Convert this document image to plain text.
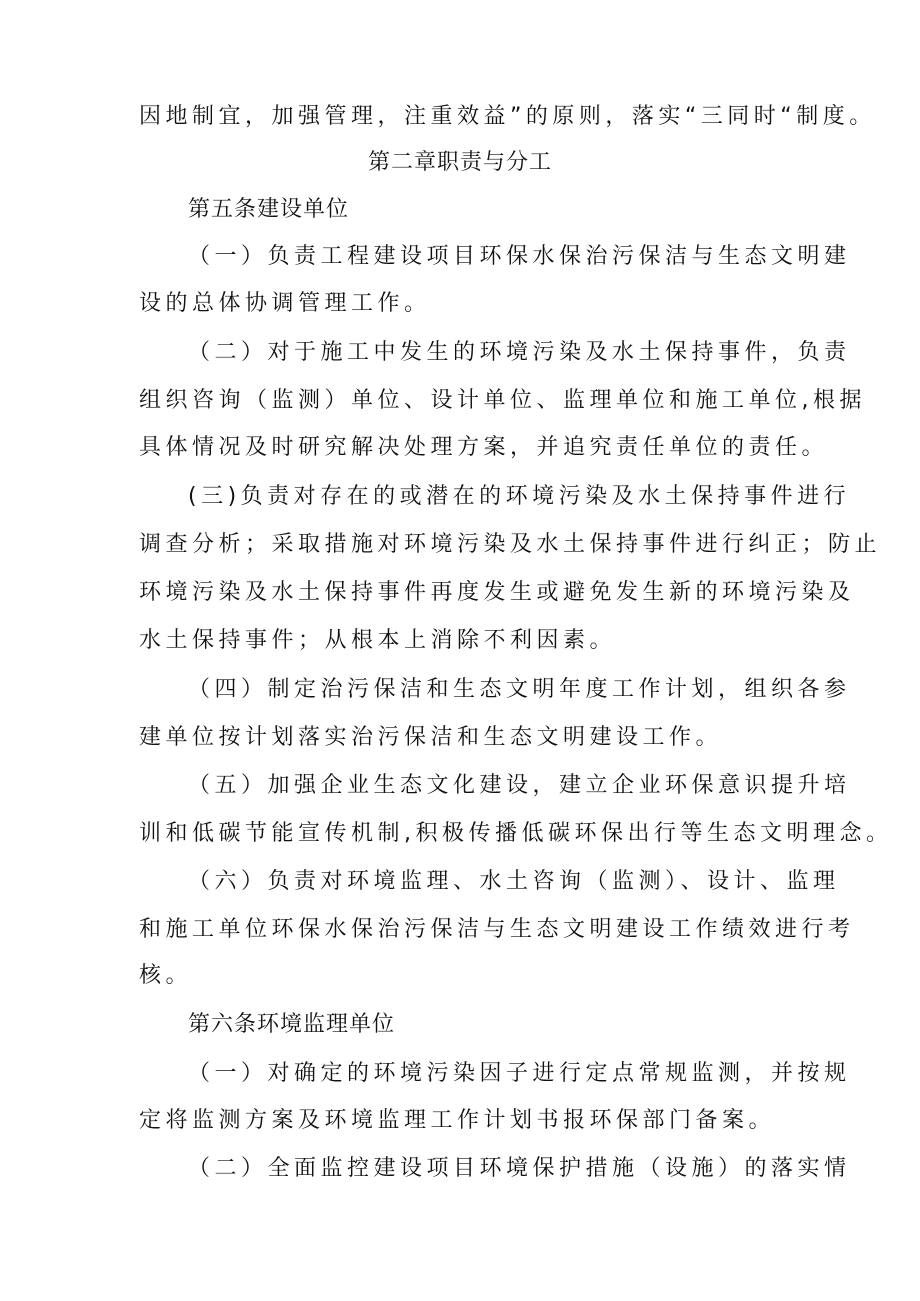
因地制宜，加强管理，注重效益”的原则，落实“三同时“制度。
第二章职责与分工
第五条建设单位
（一）负责工程建设项目环保水保治污保洁与生态文明建
设的总体协调管理工作。
（二）对于施工中发生的环境污染及水土保持事件，负责
组织咨询（监测）单位、设计单位、监理单位和施工单位,根据
具体情况及时研究解决处理方案，并追究责任单位的责任。
(三)负责对存在的或潜在的环境污染及水土保持事件进行
调查分析；采取措施对环境污染及水土保持事件进行纠正；防止
环境污染及水土保持事件再度发生或避免发生新的环境污染及
水土保持事件；从根本上消除不利因素。
（四）制定治污保洁和生态文明年度工作计划，组织各参
建单位按计划落实治污保洁和生态文明建设工作。
（五）加强企业生态文化建设，建立企业环保意识提升培
训和低碳节能宣传机制,积极传播低碳环保出行等生态文明理念。
（六）负责对环境监理、水土咨询（监测）、设计、监理
和施工单位环保水保治污保洁与生态文明建设工作绩效进行考
核。
第六条环境监理单位
（一）对确定的环境污染因子进行定点常规监测，并按规
定将监测方案及环境监理工作计划书报环保部门备案。
（二）全面监控建设项目环境保护措施（设施）的落实情
